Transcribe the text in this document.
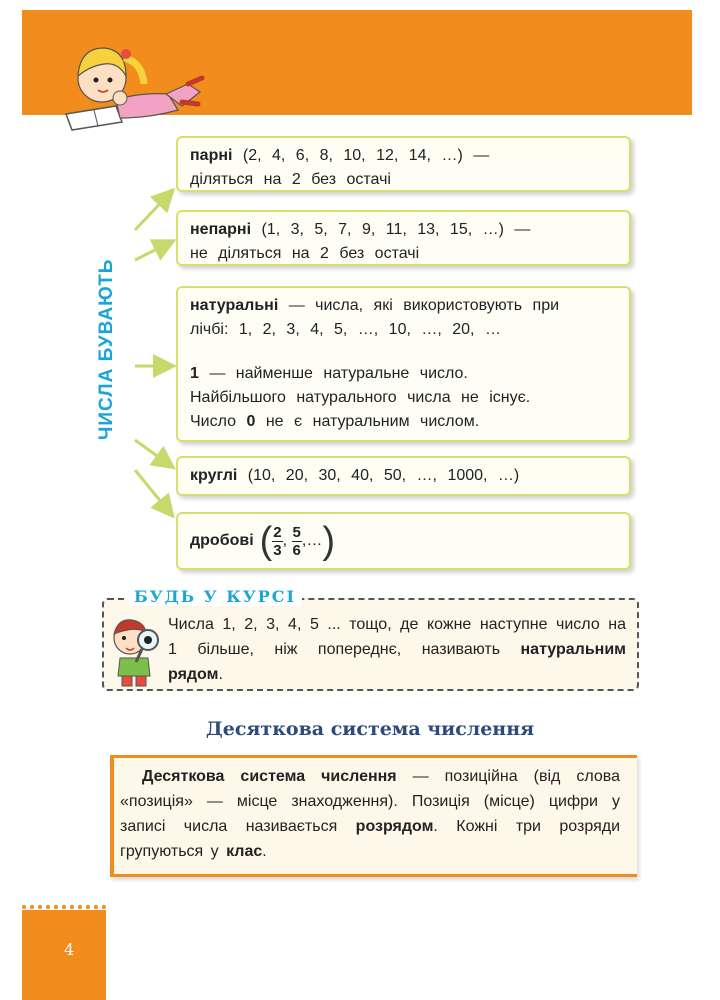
ЧИСЛА БУВАЮТЬ
парні (2, 4, 6, 8, 10, 12, 14, …) —
діляться на 2 без остачі
непарні (1, 3, 5, 7, 9, 11, 13, 15, …) —
не діляться на 2 без остачі
натуральні — числа, які використовують при
лічбі: 1, 2, 3, 4, 5, …, 10, …, 20, …
1 — найменше натуральне число.
Найбільшого натурального числа не існує.
Число 0 не є натуральним числом.
круглі (10, 20, 30, 40, 50, …, 1000, …)
дробові ( 2
3
, 5
6
,… )
БУДЬ У КУРСІ
Числа 1, 2, 3, 4, 5 ... тощо, де кожне наступне число на 1 більше, ніж попереднє, називають натуральним рядом.
Десяткова система числення
Десяткова система числення — позиційна (від слова «позиція» — місце знаходження). Позиція (місце) цифри у записі числа називається розрядом. Кожні три розряди групуються у клас.
4
